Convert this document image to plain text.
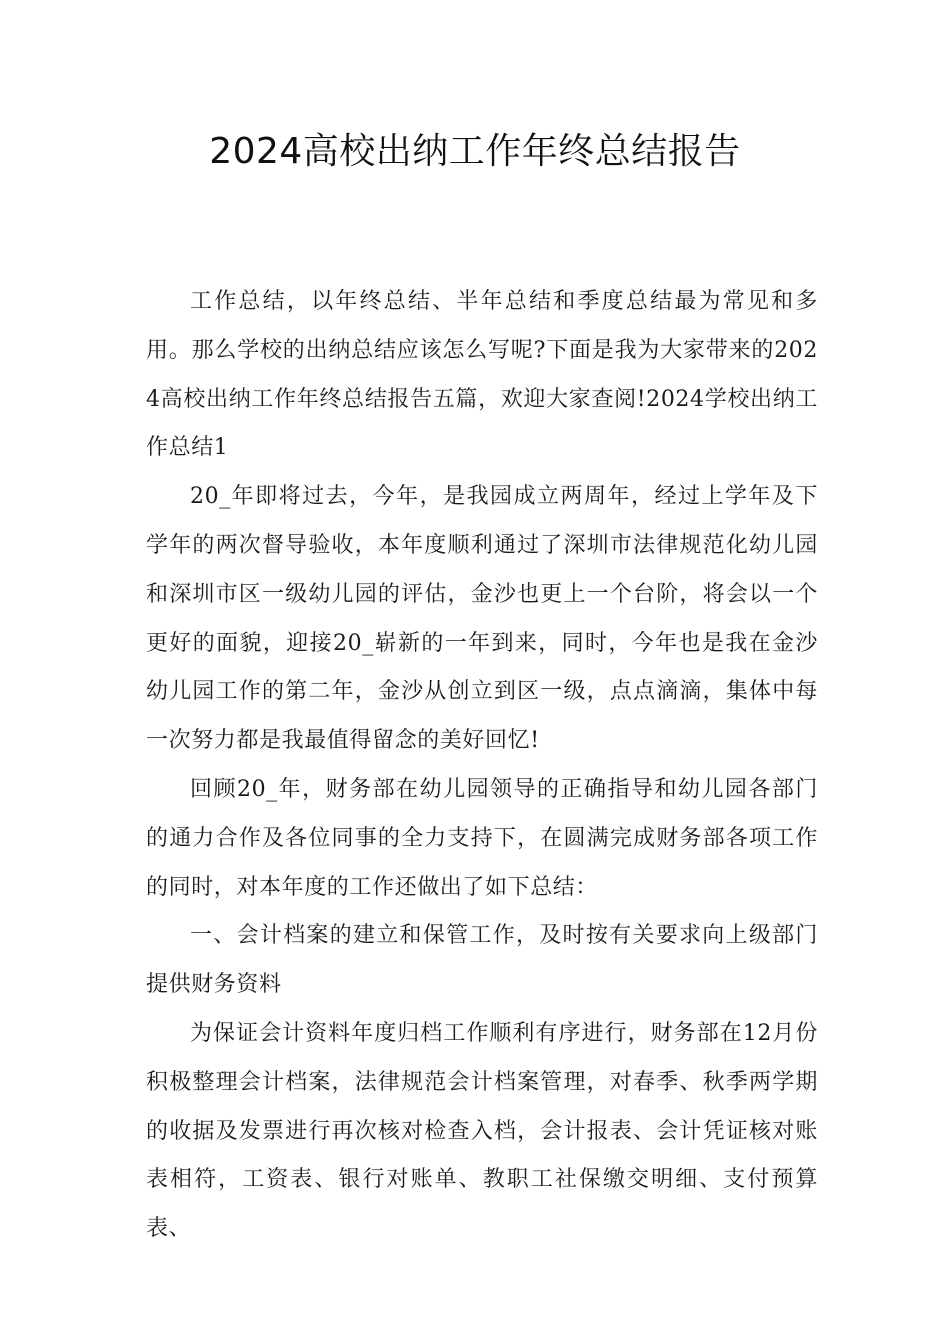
2024高校出纳工作年终总结报告

工作总结，以年终总结、半年总结和季度总结最为常见和多用。那么学校的出纳总结应该怎么写呢?下面是我为大家带来的2024高校出纳工作年终总结报告五篇，欢迎大家查阅!2024学校出纳工作总结1

20_年即将过去，今年，是我园成立两周年，经过上学年及下学年的两次督导验收，本年度顺利通过了深圳市法律规范化幼儿园和深圳市区一级幼儿园的评估，金沙也更上一个台阶，将会以一个更好的面貌，迎接20_崭新的一年到来，同时，今年也是我在金沙幼儿园工作的第二年，金沙从创立到区一级，点点滴滴，集体中每一次努力都是我最值得留念的美好回忆!

回顾20_年，财务部在幼儿园领导的正确指导和幼儿园各部门的通力合作及各位同事的全力支持下，在圆满完成财务部各项工作的同时，对本年度的工作还做出了如下总结：

一、会计档案的建立和保管工作，及时按有关要求向上级部门提供财务资料

为保证会计资料年度归档工作顺利有序进行，财务部在12月份积极整理会计档案，法律规范会计档案管理，对春季、秋季两学期的收据及发票进行再次核对检查入档，会计报表、会计凭证核对账表相符，工资表、银行对账单、教职工社保缴交明细、支付预算表、
